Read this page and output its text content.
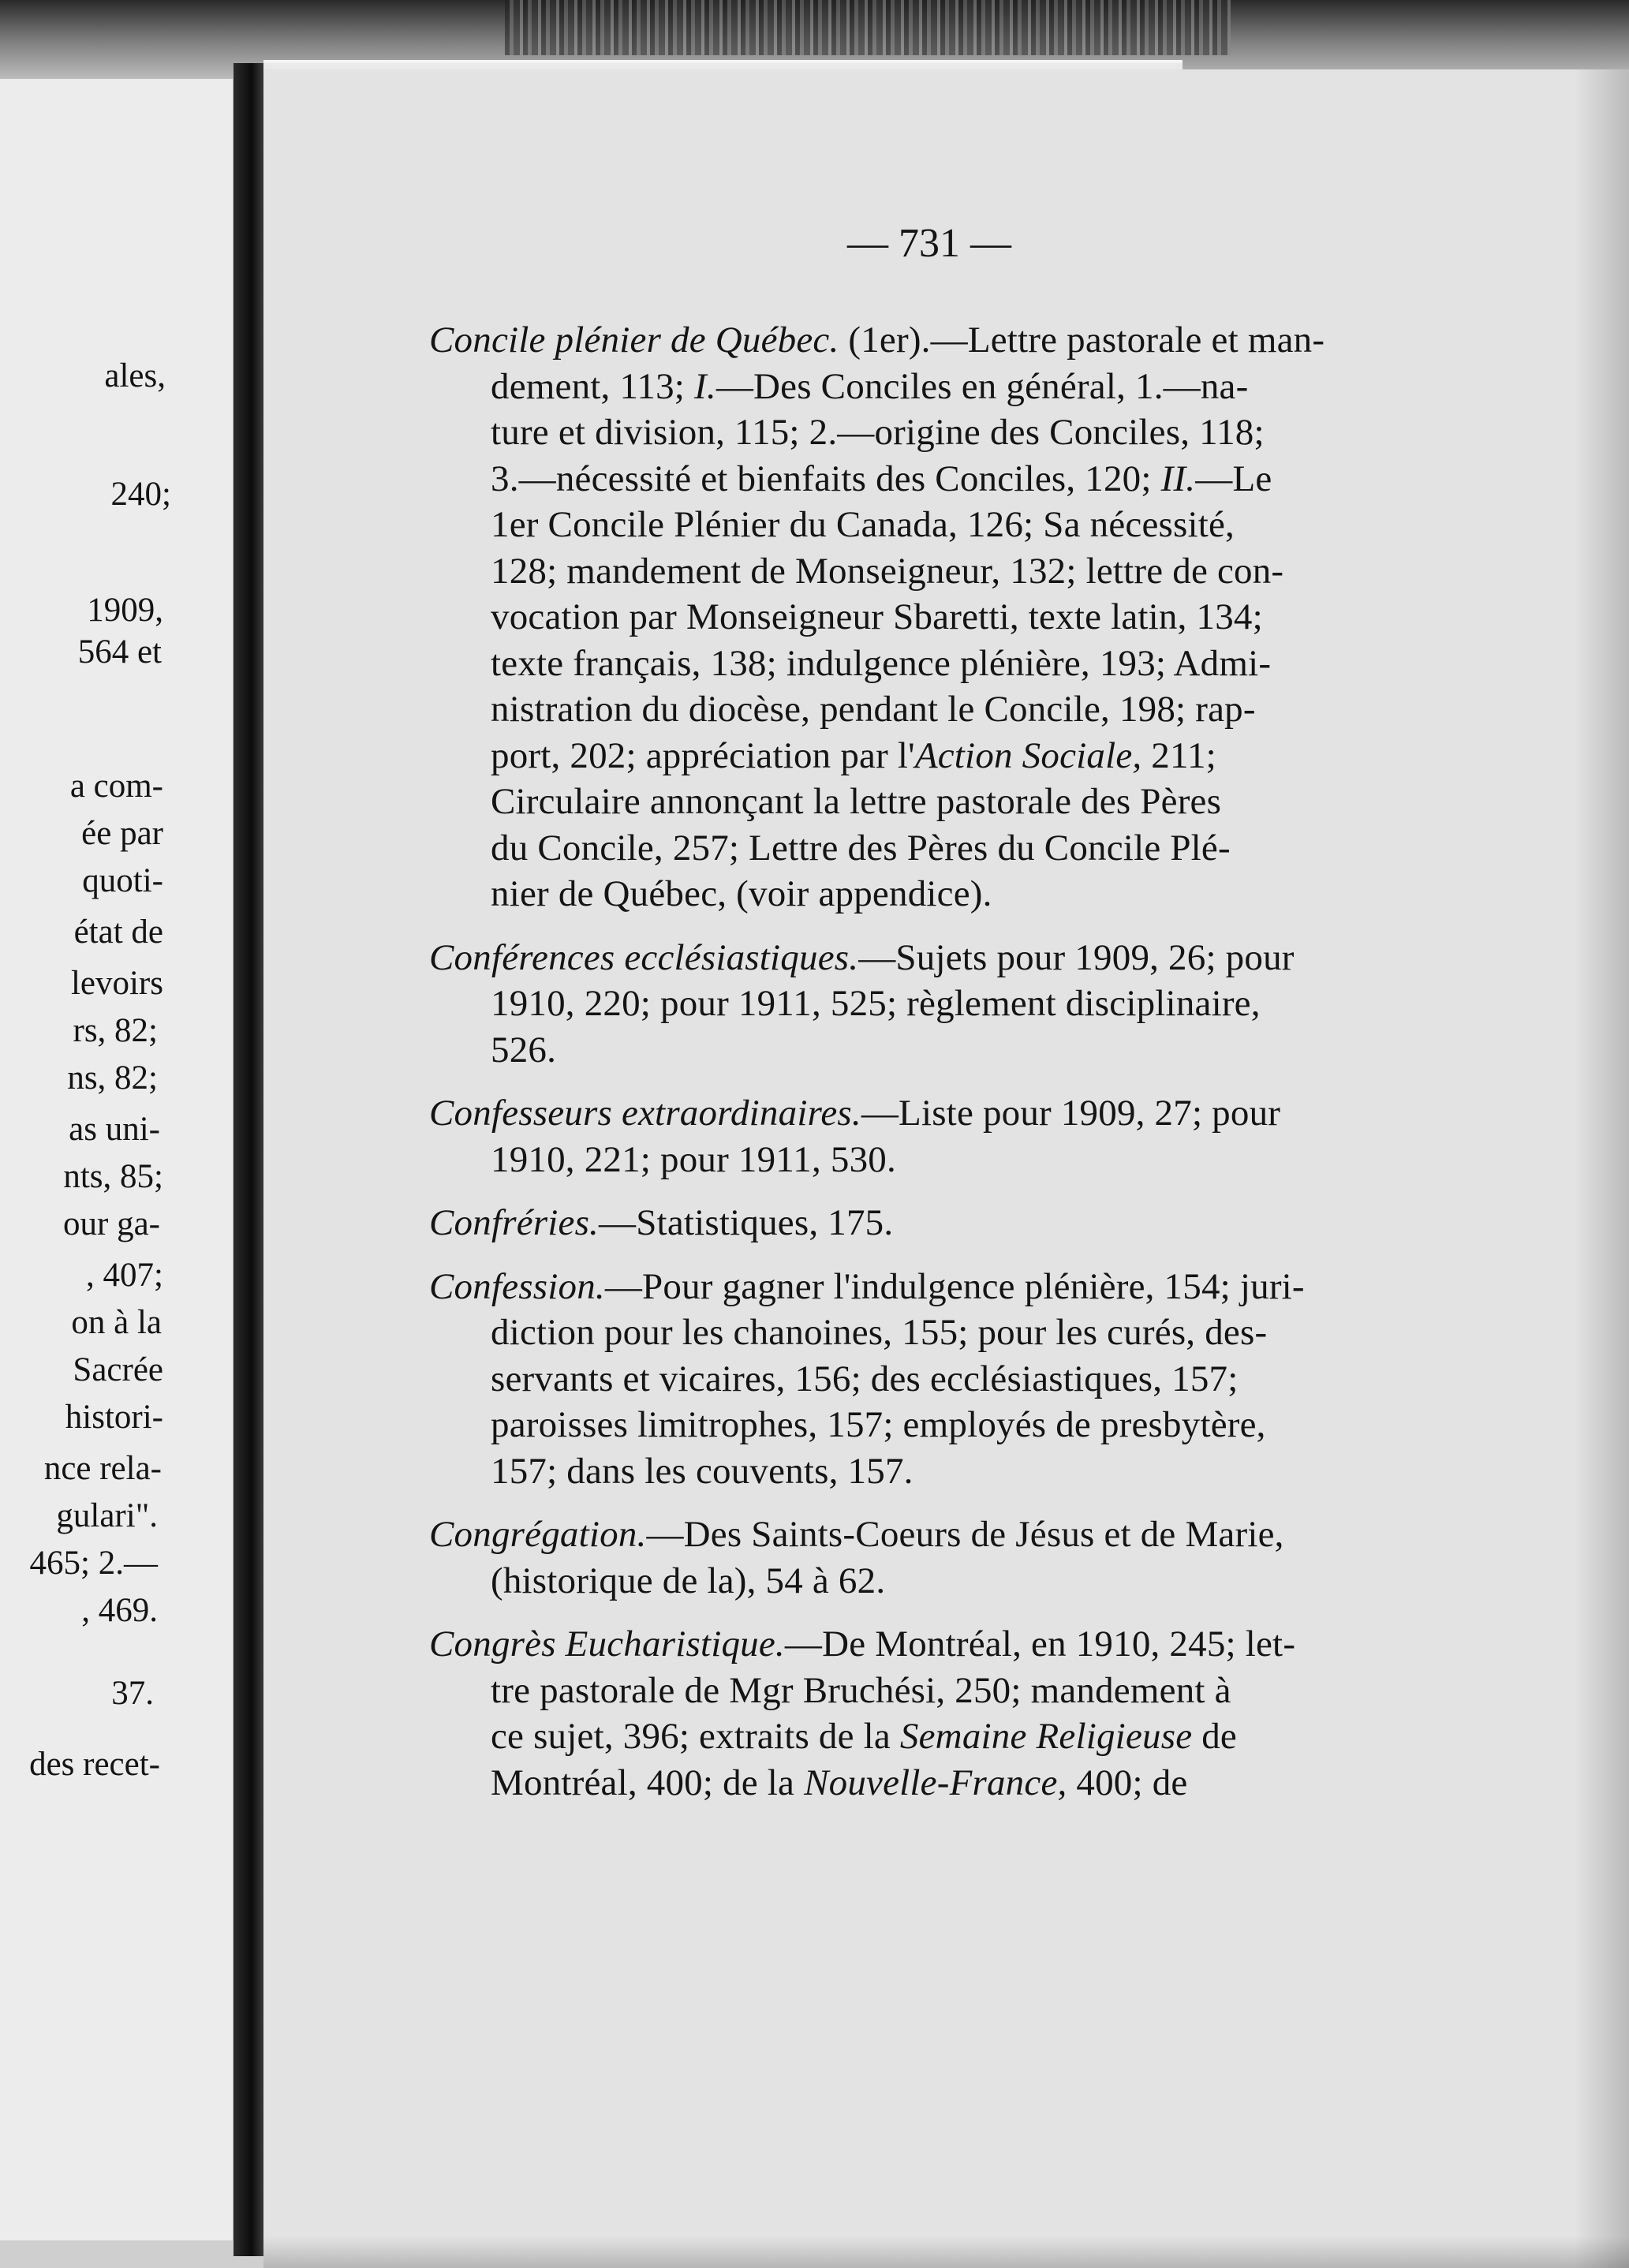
ales,
240;
1909,
564 et
a com-
ée par
quoti-
état de
levoirs
rs, 82;
ns, 82;
as uni-
nts, 85;
our ga-
, 407;
on à la
Sacrée
histori-
nce rela-
gulari".
465; 2.—
, 469.
37.
des recet-
— 731 —
Concile plénier de Québec. (1er).—Lettre pastorale et man-
dement, 113; I.—Des Conciles en général, 1.—na-
ture et division, 115; 2.—origine des Conciles, 118;
3.—nécessité et bienfaits des Conciles, 120; II.—Le
1er Concile Plénier du Canada, 126; Sa nécessité,
128; mandement de Monseigneur, 132; lettre de con-
vocation par Monseigneur Sbaretti, texte latin, 134;
texte français, 138; indulgence plénière, 193; Admi-
nistration du diocèse, pendant le Concile, 198; rap-
port, 202; appréciation par l'Action Sociale, 211;
Circulaire annonçant la lettre pastorale des Pères
du Concile, 257; Lettre des Pères du Concile Plé-
nier de Québec, (voir appendice).
Conférences ecclésiastiques.—Sujets pour 1909, 26; pour
1910, 220; pour 1911, 525; règlement disciplinaire,
526.
Confesseurs extraordinaires.—Liste pour 1909, 27; pour
1910, 221; pour 1911, 530.
Confréries.—Statistiques, 175.
Confession.—Pour gagner l'indulgence plénière, 154; juri-
diction pour les chanoines, 155; pour les curés, des-
servants et vicaires, 156; des ecclésiastiques, 157;
paroisses limitrophes, 157; employés de presbytère,
157; dans les couvents, 157.
Congrégation.—Des Saints-Coeurs de Jésus et de Marie,
(historique de la), 54 à 62.
Congrès Eucharistique.—De Montréal, en 1910, 245; let-
tre pastorale de Mgr Bruchési, 250; mandement à
ce sujet, 396; extraits de la Semaine Religieuse de
Montréal, 400; de la Nouvelle-France, 400; de
